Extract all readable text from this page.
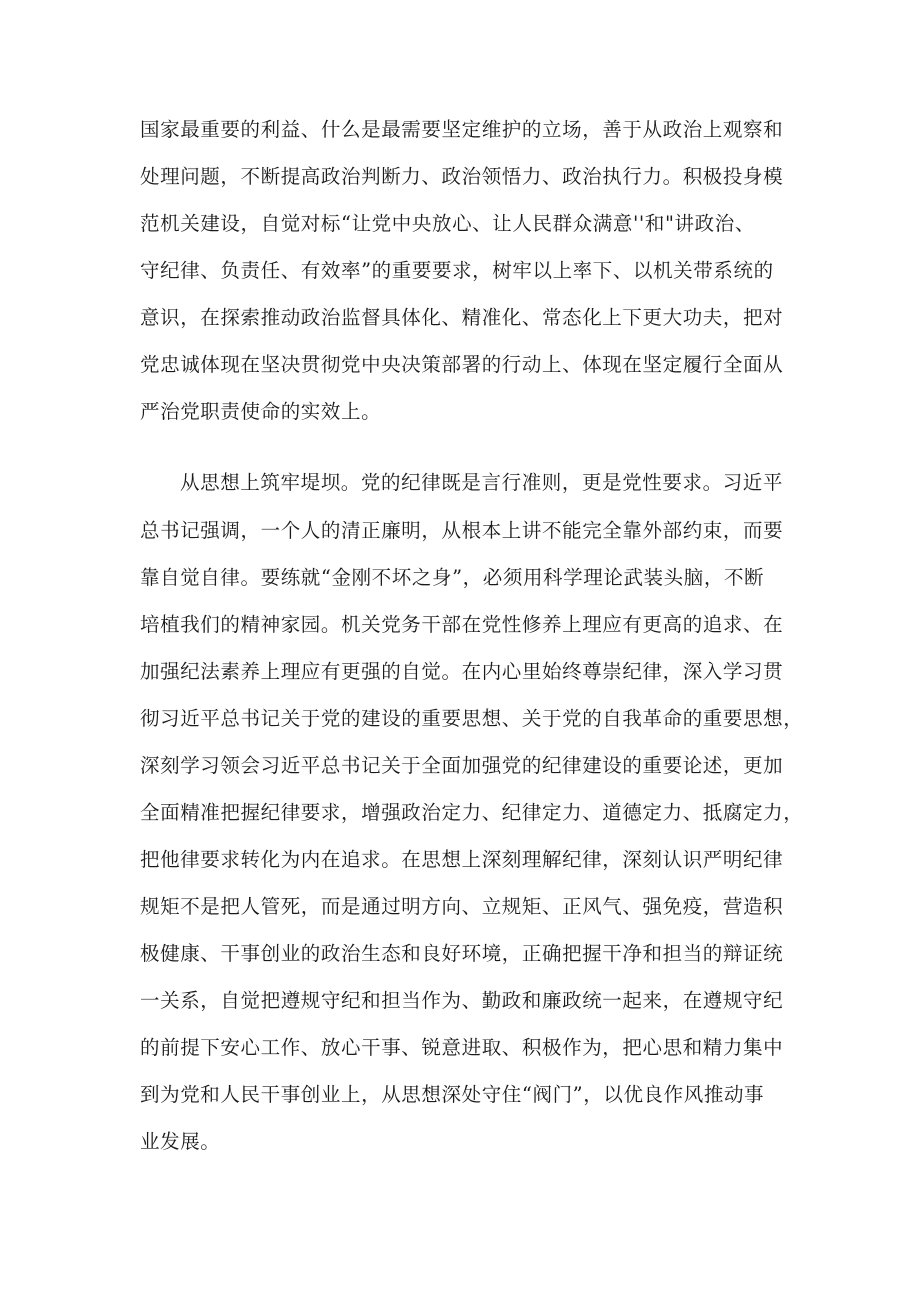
国家最重要的利益、什么是最需要坚定维护的立场，善于从政治上观察和

处理问题，不断提高政治判断力、政治领悟力、政治执行力。积极投身模

范机关建设，自觉对标“让党中央放心、让人民群众满意''和"讲政治、

守纪律、负责任、有效率”的重要要求，树牢以上率下、以机关带系统的

意识，在探索推动政治监督具体化、精准化、常态化上下更大功夫，把对

党忠诚体现在坚决贯彻党中央决策部署的行动上、体现在坚定履行全面从

严治党职责使命的实效上。

从思想上筑牢堤坝。党的纪律既是言行准则，更是党性要求。习近平

总书记强调，一个人的清正廉明，从根本上讲不能完全靠外部约束，而要

靠自觉自律。要练就“金刚不坏之身”，必须用科学理论武装头脑，不断

培植我们的精神家园。机关党务干部在党性修养上理应有更高的追求、在

加强纪法素养上理应有更强的自觉。在内心里始终尊崇纪律，深入学习贯

彻习近平总书记关于党的建设的重要思想、关于党的自我革命的重要思想，

深刻学习领会习近平总书记关于全面加强党的纪律建设的重要论述，更加

全面精准把握纪律要求，增强政治定力、纪律定力、道德定力、抵腐定力，

把他律要求转化为内在追求。在思想上深刻理解纪律，深刻认识严明纪律

规矩不是把人管死，而是通过明方向、立规矩、正风气、强免疫，营造积

极健康、干事创业的政治生态和良好环境，正确把握干净和担当的辩证统

一关系，自觉把遵规守纪和担当作为、勤政和廉政统一起来，在遵规守纪

的前提下安心工作、放心干事、锐意进取、积极作为，把心思和精力集中

到为党和人民干事创业上，从思想深处守住“阀门”，以优良作风推动事

业发展。
